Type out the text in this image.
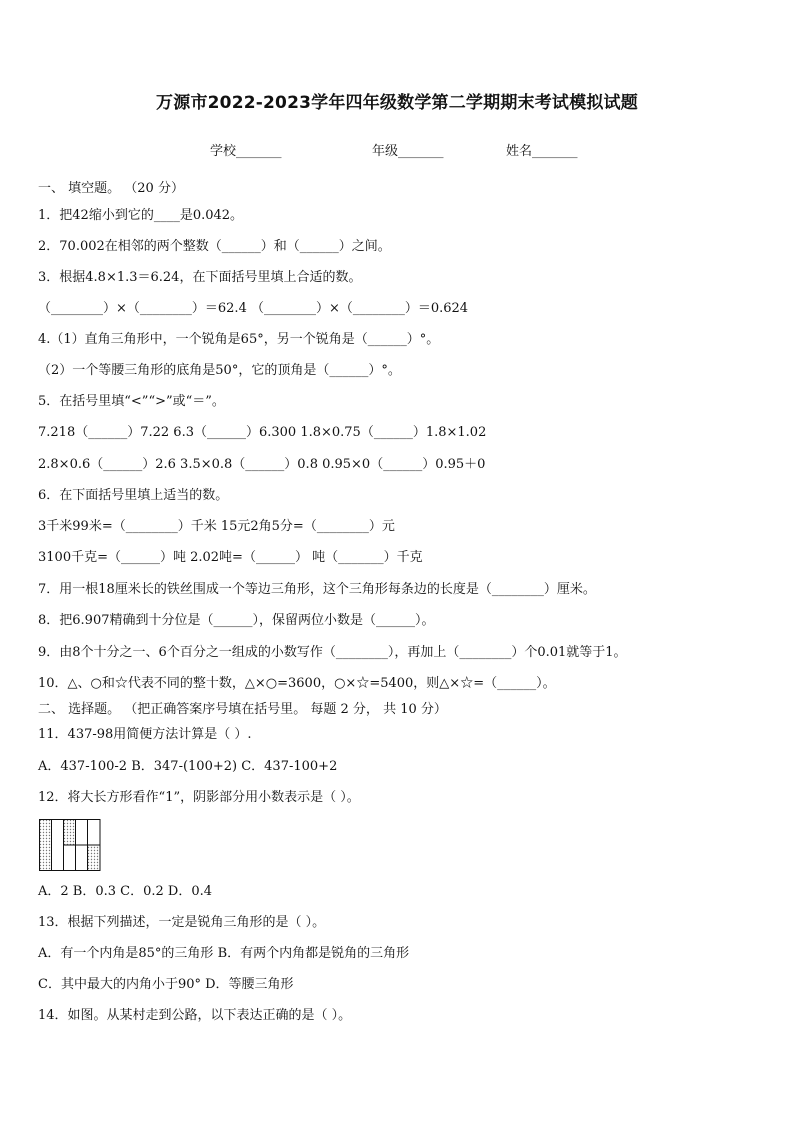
万源市2022-2023学年四年级数学第二学期期末考试模拟试题
学校_______	年级_______	姓名_______
一、 填空题。 （20 分）
1．把42缩小到它的____是0.042。
2．70.002在相邻的两个整数（______）和（______）之间。
3．根据4.8×1.3＝6.24，在下面括号里填上合适的数。
（________）×（________）＝62.4 （________）×（________）＝0.624
4.（1）直角三角形中，一个锐角是65°，另一个锐角是（______）°。
（2）一个等腰三角形的底角是50°，它的顶角是（______）°。
5．在括号里填“<”“>”或“＝”。
7.218（______）7.22 6.3（______）6.300 1.8×0.75（______）1.8×1.02
2.8×0.6（______）2.6 3.5×0.8（______）0.8 0.95×0（______）0.95＋0
6．在下面括号里填上适当的数。
3千米99米=（________）千米 15元2角5分=（________）元
3100千克=（______）吨 2.02吨=（______） 吨（_______）千克
7．用一根18厘米长的铁丝围成一个等边三角形，这个三角形每条边的长度是（________）厘米。
8．把6.907精确到十分位是（______），保留两位小数是（______）。
9．由8个十分之一、6个百分之一组成的小数写作（________），再加上（________）个0.01就等于1。
10．△、○和☆代表不同的整十数，△×○=3600，○×☆=5400，则△×☆=（______）。
二、 选择题。 （把正确答案序号填在括号里。 每题 2 分， 共 10 分）
11．437-98用简便方法计算是（ ）.
A．437-100-2 B．347-(100+2) C．437-100+2
12．将大长方形看作“1”，阴影部分用小数表示是（ ）。
A．2 B．0.3 C．0.2 D．0.4
13．根据下列描述，一定是锐角三角形的是（ ）。
A．有一个内角是85°的三角形 B．有两个内角都是锐角的三角形
C．其中最大的内角小于90° D．等腰三角形
14．如图。从某村走到公路，以下表达正确的是（ ）。
